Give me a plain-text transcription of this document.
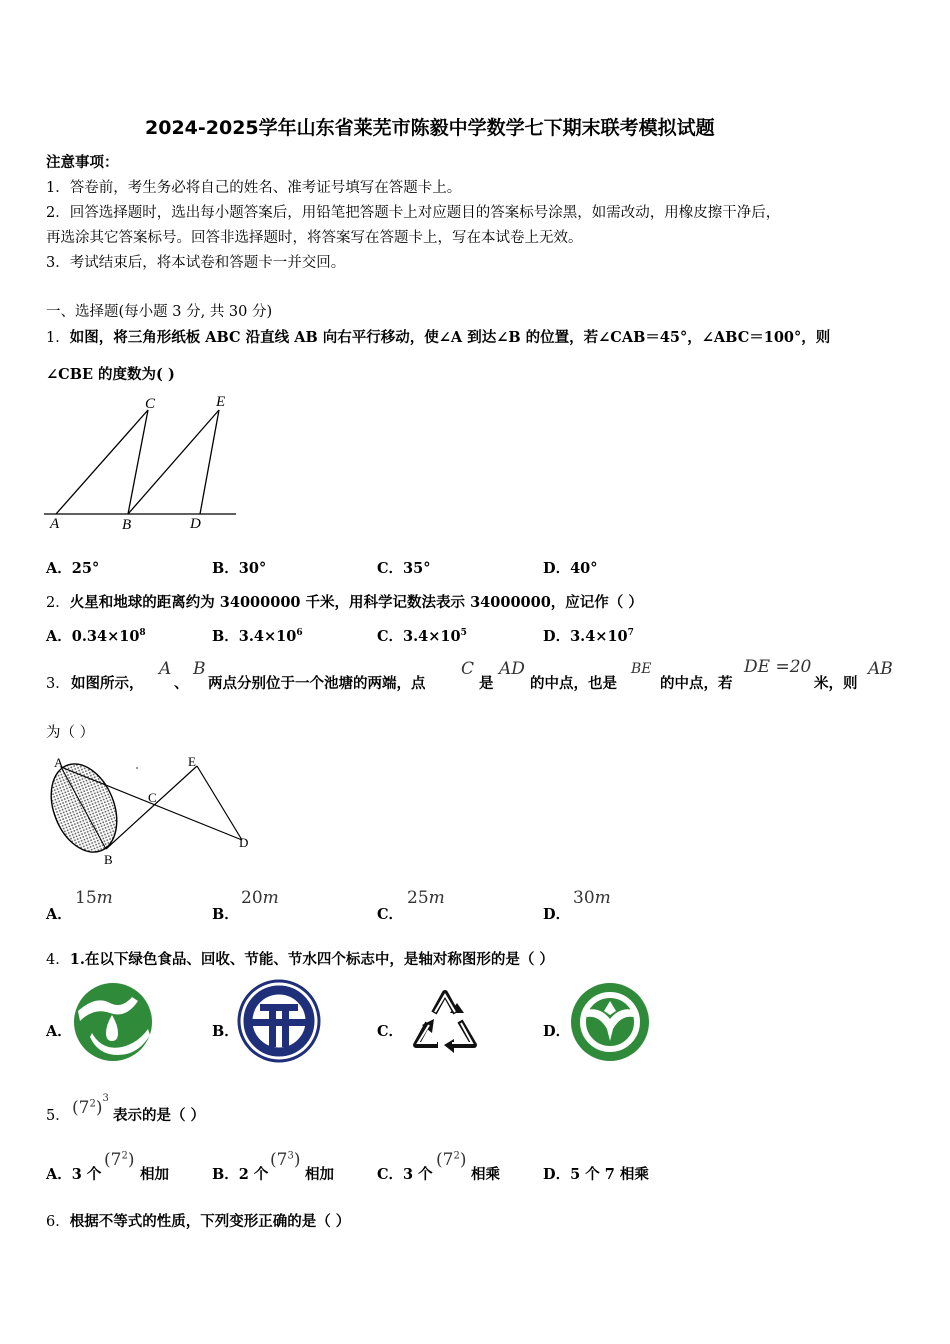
2024-2025学年山东省莱芜市陈毅中学数学七下期末联考模拟试题
注意事项：
1．答卷前，考生务必将自己的姓名、准考证号填写在答题卡上。
2．回答选择题时，选出每小题答案后，用铅笔把答题卡上对应题目的答案标号涂黑，如需改动，用橡皮擦干净后，
再选涂其它答案标号。回答非选择题时，将答案写在答题卡上，写在本试卷上无效。
3．考试结束后，将本试卷和答题卡一并交回。
一、选择题(每小题 3 分, 共 30 分)
1．如图，将三角形纸板 ABC 沿直线 AB 向右平行移动，使∠A 到达∠B 的位置，若∠CAB＝45°，∠ABC＝100°，则
∠CBE 的度数为( )
A	B
C
D
E
A．25°	B．30°	C．35°	D．40°
2．火星和地球的距离约为 34000000 千米，用科学记数法表示 34000000，应记作（ ）
A．$0.34\times 10^8$	B．$3.4\times 10^6$	C．$3.4\times 10^5$	D．$3.4\times 10^7$
3． 如图所示，
A
、
B
两点分别位于一个池塘的两端，点
C
是
AD
的中点，也是
BE
的中点，若
DE =20
米，则
AB
为（ ）
A
B
C
D
E
A．
15m
B．
20m
C．
25m
D．
30m
4．1.在以下绿色食品、回收、节能、节水四个标志中，是轴对称图形的是（ ）
A．	B．	C．	D．
5． $(7^2)^3$
表示的是（ ）
A．3 个
$(7^2)$
相加	B．2 个
$(7^3)$
相加	C．3 个
$(7^2)$
相乘	D．5 个 7 相乘
6．根据不等式的性质，下列变形正确的是（ ）
